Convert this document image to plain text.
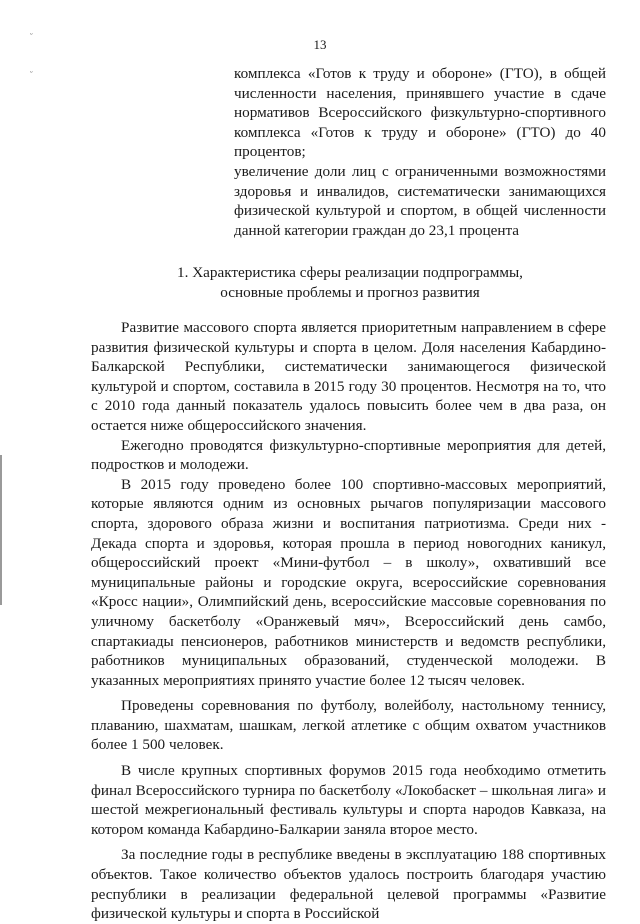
ᵕ
ᵕ
13

комплекса «Готов к труду и обороне» (ГТО), в общей численности населения, принявшего участие в сдаче нормативов Всероссийского физкультурно-спортивного комплекса «Готов к труду и обороне» (ГТО) до 40 процентов;

увеличение доли лиц с ограниченными возможностями здоровья и инвалидов, систематически занимающихся физической культурой и спортом, в общей численности данной категории граждан до 23,1 процента

1. Характеристика сферы реализации подпрограммы,
основные проблемы и прогноз развития

Развитие массового спорта является приоритетным направлением в сфере развития физической культуры и спорта в целом. Доля населения Кабардино-Балкарской Республики, систематически занимающегося физической культурой и спортом, составила в 2015 году 30 процентов. Несмотря на то, что с 2010 года данный показатель удалось повысить более чем в два раза, он остается ниже общероссийского значения.

Ежегодно проводятся физкультурно-спортивные мероприятия для детей, подростков и молодежи.

В 2015 году проведено более 100 спортивно-массовых мероприятий, которые являются одним из основных рычагов популяризации массового спорта, здорового образа жизни и воспитания патриотизма. Среди них - Декада спорта и здоровья, которая прошла в период новогодних каникул, общероссийский проект «Мини-футбол – в школу», охвативший все муниципальные районы и городские округа, всероссийские соревнования «Кросс нации», Олимпийский день, всероссийские массовые соревнования по уличному баскетболу «Оранжевый мяч», Всероссийский день самбо, спартакиады пенсионеров, работников министерств и ведомств республики, работников муниципальных образований, студенческой молодежи. В указанных мероприятиях принято участие более 12 тысяч человек.

Проведены соревнования по футболу, волейболу, настольному теннису, плаванию, шахматам, шашкам, легкой атлетике с общим охватом участников более 1 500 человек.

В числе крупных спортивных форумов 2015 года необходимо отметить финал Всероссийского турнира по баскетболу «Локобаскет – школьная лига» и шестой межрегиональный фестиваль культуры и спорта народов Кавказа, на котором команда Кабардино-Балкарии заняла второе место.

За последние годы в республике введены в эксплуатацию 188 спортивных объектов. Такое количество объектов удалось построить благодаря участию республики в реализации федеральной целевой программы «Развитие физической культуры и спорта в Российской
